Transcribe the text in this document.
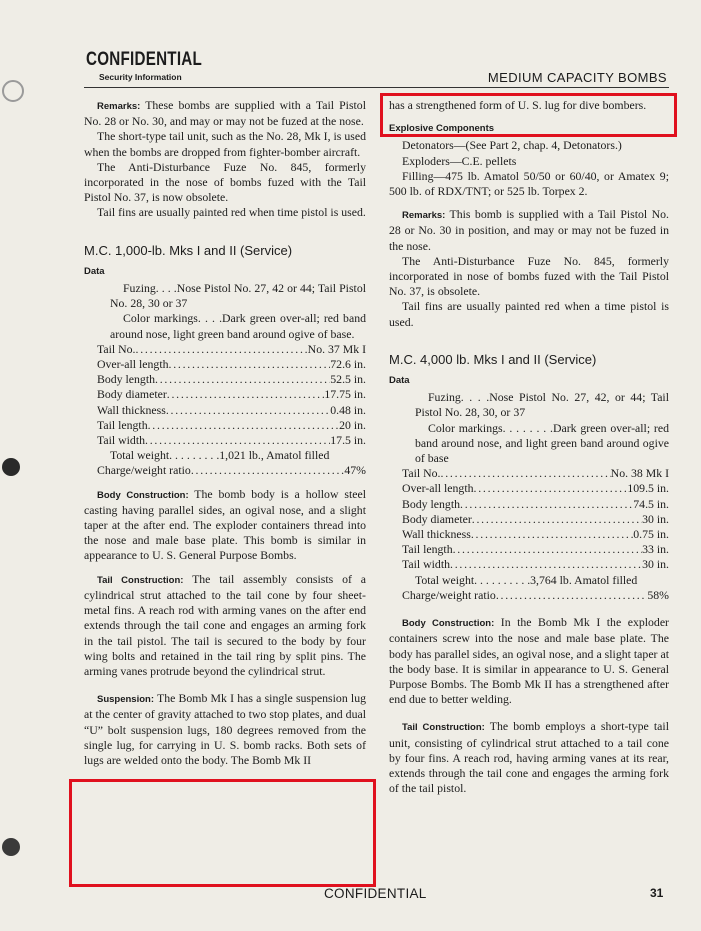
CONFIDENTIAL
Security Information	MEDIUM CAPACITY BOMBS

Remarks: These bombs are supplied with a Tail Pistol No. 28 or No. 30, and may or may not be fuzed at the nose.

The short-type tail unit, such as the No. 28, Mk I, is used when the bombs are dropped from fighter-bomber aircraft.

The Anti-Disturbance Fuze No. 845, formerly incorporated in the nose of bombs fuzed with the Tail Pistol No. 37, is now obsolete.

Tail fins are usually painted red when time pistol is used.

M.C. 1,000-lb. Mks I and II (Service)
Data

Fuzing. . . .Nose Pistol No. 27, 42 or 44; Tail Pistol No. 28, 30 or 37

Color markings. . . .Dark green over-all; red band around nose, light green band around ogive of base.

Tail No. . . .	No. 37 Mk I
Over-all length . . .	72.6 in.
Body length . . .	52.5 in.
Body diameter . . .	17.75 in.
Wall thickness . . .	0.48 in.
Tail length . . .	20 in.
Tail width . . .	17.5 in.

Total weight. . . . . . . . .1,021 lb., Amatol filled

Charge/weight ratio . . .	47%

Body Construction: The bomb body is a hollow steel casting having parallel sides, an ogival nose, and a slight taper at the after end. The exploder containers thread into the nose and male base plate. This bomb is similar in appearance to U. S. General Purpose Bombs.

Tail Construction: The tail assembly consists of a cylindrical strut attached to the tail cone by four sheet-metal fins. A reach rod with arming vanes on the after end extends through the tail cone and engages an arming fork in the tail pistol. The tail is secured to the body by four wing bolts and retained in the tail ring by split pins. The arming vanes protrude beyond the cylindrical strut.

Suspension: The Bomb Mk I has a single suspension lug at the center of gravity attached to two stop plates, and dual “U” bolt suspension lugs, 180 degrees removed from the single lug, for carrying in U. S. bomb racks. Both sets of lugs are welded onto the body. The Bomb Mk II

has a strengthened form of U. S. lug for dive bombers.

Explosive Components

Detonators—(See Part 2, chap. 4, Detonators.)

Exploders—C.E. pellets

Filling—475 lb. Amatol 50/50 or 60/40, or Amatex 9; 500 lb. of RDX/TNT; or 525 lb. Torpex 2.

Remarks: This bomb is supplied with a Tail Pistol No. 28 or No. 30 in position, and may or may not be fuzed in the nose.

The Anti-Disturbance Fuze No. 845, formerly incorporated in nose of bombs fuzed with the Tail Pistol No. 37, is obsolete.

Tail fins are usually painted red when a time pistol is used.

M.C. 4,000 lb. Mks I and II (Service)
Data

Fuzing. . . .Nose Pistol No. 27, 42, or 44; Tail Pistol No. 28, 30, or 37

Color markings. . . . . . . .Dark green over-all; red band around nose, and light green band around ogive of base

Tail No. . . .	No. 38 Mk I
Over-all length . . .	109.5 in.
Body length . . .	74.5 in.
Body diameter . . .	30 in.
Wall thickness . . .	0.75 in.
Tail length . . .	33 in.
Tail width . . .	30 in.

Total weight. . . . . . . . . .3,764 lb. Amatol filled

Charge/weight ratio . . .	58%

Body Construction: In the Bomb Mk I the exploder containers screw into the nose and male base plate. The body has parallel sides, an ogival nose, and a slight taper at the body base. It is similar in appearance to U. S. General Purpose Bombs. The Bomb Mk II has a strengthened after end due to better welding.

Tail Construction: The bomb employs a short-type tail unit, consisting of cylindrical strut attached to a tail cone by four fins. A reach rod, having arming vanes at its rear, extends through the tail cone and engages the arming fork of the tail pistol.

CONFIDENTIAL	31
